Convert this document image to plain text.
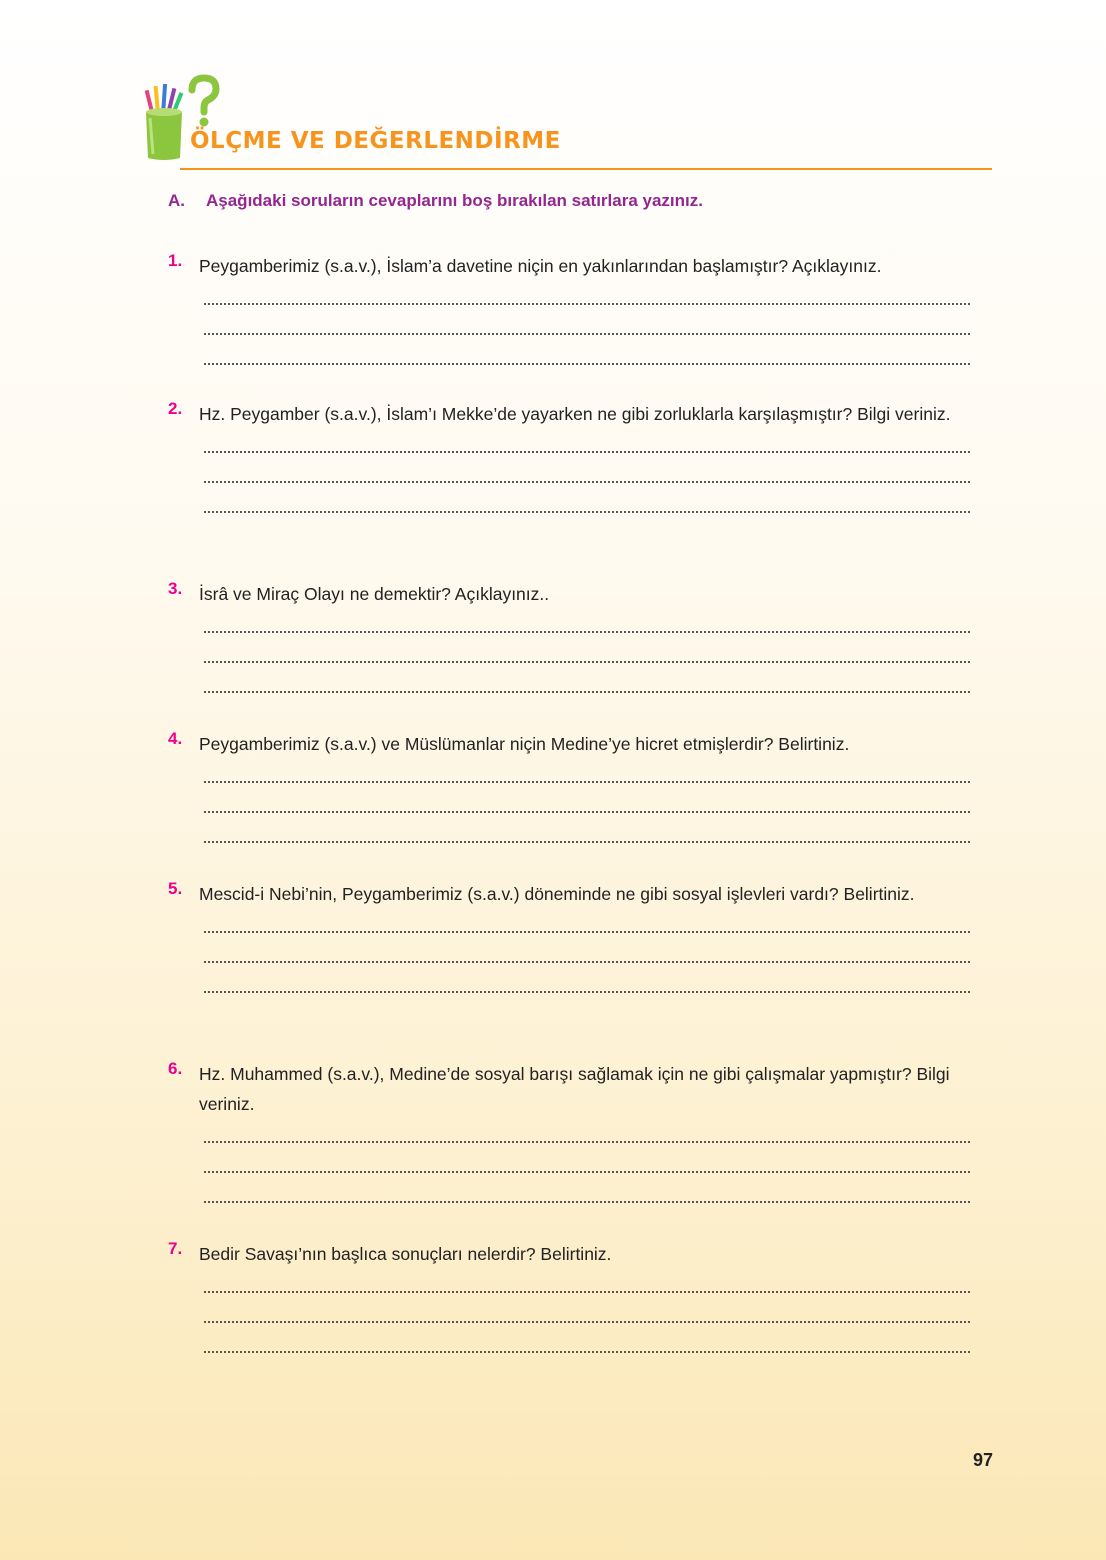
ÖLÇME VE DEĞERLENDİRME
A. Aşağıdaki soruların cevaplarını boş bırakılan satırlara yazınız.
1. Peygamberimiz (s.a.v.), İslam’a davetine niçin en yakınlarından başlamıştır? Açıklayınız.
2. Hz. Peygamber (s.a.v.), İslam’ı Mekke’de yayarken ne gibi zorluklarla karşılaşmıştır? Bilgi veriniz.
3. İsrâ ve Miraç Olayı ne demektir? Açıklayınız..
4. Peygamberimiz (s.a.v.) ve Müslümanlar niçin Medine’ye hicret etmişlerdir? Belirtiniz.
5. Mescid-i Nebi’nin, Peygamberimiz (s.a.v.) döneminde ne gibi sosyal işlevleri vardı? Belirtiniz.
6. Hz. Muhammed (s.a.v.), Medine’de sosyal barışı sağlamak için ne gibi çalışmalar yapmıştır? Bilgi veriniz.
7. Bedir Savaşı’nın başlıca sonuçları nelerdir? Belirtiniz.
97
